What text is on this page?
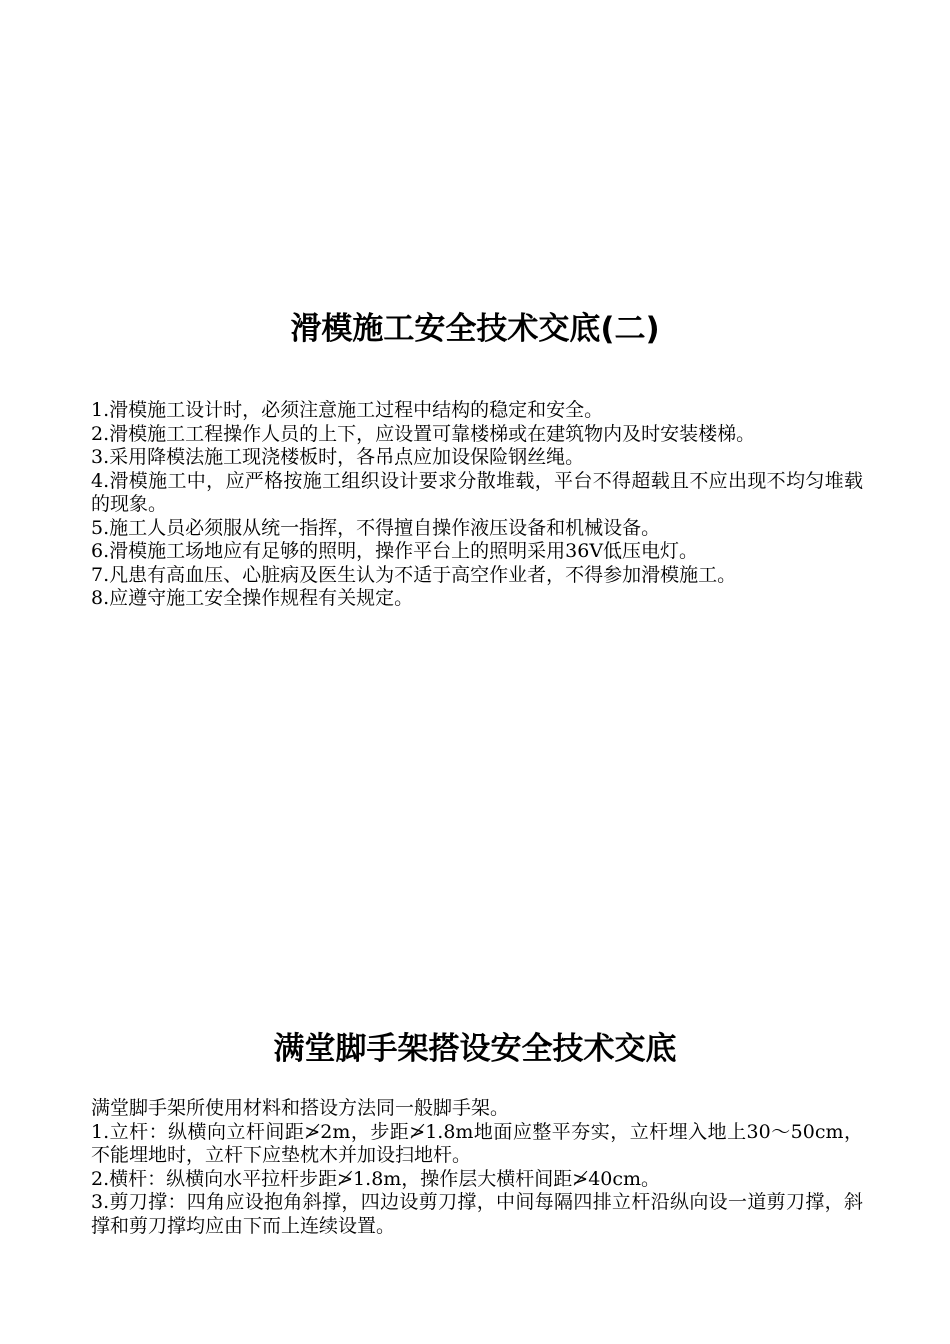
滑模施工安全技术交底(二)

1.滑模施工设计时，必须注意施工过程中结构的稳定和安全。

2.滑模施工工程操作人员的上下，应设置可靠楼梯或在建筑物内及时安装楼梯。

3.采用降模法施工现浇楼板时，各吊点应加设保险钢丝绳。

4.滑模施工中，应严格按施工组织设计要求分散堆载，平台不得超载且不应出现不均匀堆载的现象。

5.施工人员必须服从统一指挥，不得擅自操作液压设备和机械设备。

6.滑模施工场地应有足够的照明，操作平台上的照明采用36V低压电灯。

7.凡患有高血压、心脏病及医生认为不适于高空作业者，不得参加滑模施工。

8.应遵守施工安全操作规程有关规定。

满堂脚手架搭设安全技术交底

满堂脚手架所使用材料和搭设方法同一般脚手架。

1.立杆：纵横向立杆间距≯2m，步距≯1.8m地面应整平夯实，立杆埋入地上30～50cm，不能埋地时，立杆下应垫枕木并加设扫地杆。

2.横杆：纵横向水平拉杆步距≯1.8m，操作层大横杆间距≯40cm。

3.剪刀撑：四角应设抱角斜撑，四边设剪刀撑，中间每隔四排立杆沿纵向设一道剪刀撑，斜撑和剪刀撑均应由下而上连续设置。
